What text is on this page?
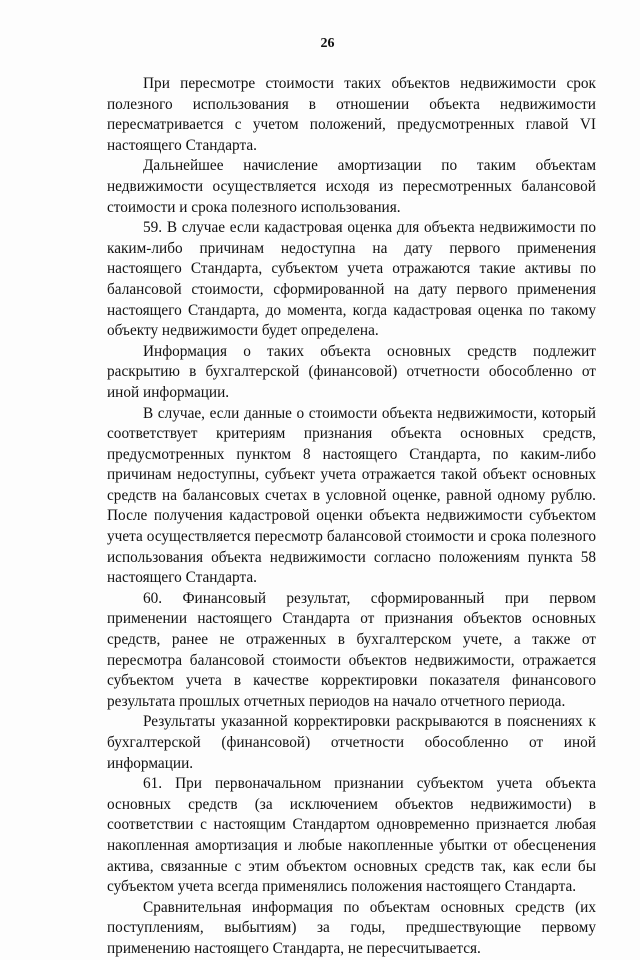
26

При пересмотре стоимости таких объектов недвижимости срок полезного использования в отношении объекта недвижимости пересматривается с учетом положений, предусмотренных главой VI настоящего Стандарта.

Дальнейшее начисление амортизации по таким объектам недвижимости осуществляется исходя из пересмотренных балансовой стоимости и срока полезного использования.

59. В случае если кадастровая оценка для объекта недвижимости по каким-либо причинам недоступна на дату первого применения настоящего Стандарта, субъектом учета отражаются такие активы по балансовой стоимости, сформированной на дату первого применения настоящего Стандарта, до момента, когда кадастровая оценка по такому объекту недвижимости будет определена.

Информация о таких объекта основных средств подлежит раскрытию в бухгалтерской (финансовой) отчетности обособленно от иной информации.

В случае, если данные о стоимости объекта недвижимости, который соответствует критериям признания объекта основных средств, предусмотренных пунктом 8 настоящего Стандарта, по каким-либо причинам недоступны, субъект учета отражается такой объект основных средств на балансовых счетах в условной оценке, равной одному рублю. После получения кадастровой оценки объекта недвижимости субъектом учета осуществляется пересмотр балансовой стоимости и срока полезного использования объекта недвижимости согласно положениям пункта 58 настоящего Стандарта.

60. Финансовый результат, сформированный при первом применении настоящего Стандарта от признания объектов основных средств, ранее не отраженных в бухгалтерском учете, а также от пересмотра балансовой стоимости объектов недвижимости, отражается субъектом учета в качестве корректировки показателя финансового результата прошлых отчетных периодов на начало отчетного периода.

Результаты указанной корректировки раскрываются в пояснениях к бухгалтерской (финансовой) отчетности обособленно от иной информации.

61. При первоначальном признании субъектом учета объекта основных средств (за исключением объектов недвижимости) в соответствии с настоящим Стандартом одновременно признается любая накопленная амортизация и любые накопленные убытки от обесценения актива, связанные с этим объектом основных средств так, как если бы субъектом учета всегда применялись положения настоящего Стандарта.

Сравнительная информация по объектам основных средств (их поступлениям, выбытиям) за годы, предшествующие первому применению настоящего Стандарта, не пересчитывается.
